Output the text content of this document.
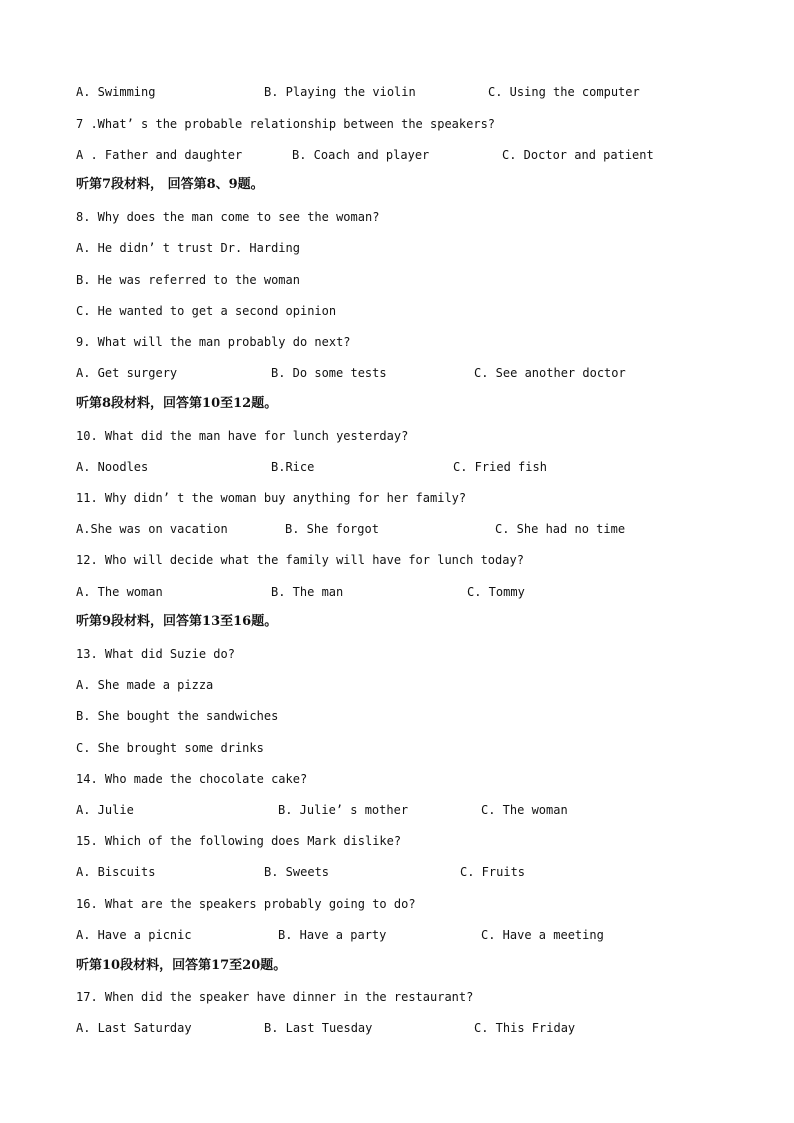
A. Swimming	B. Playing the violin	C. Using the computer
7 .What’ s the probable relationship between the speakers?
A . Father and daughter	B. Coach and player	C. Doctor and patient
听第7段材料， 回答第8、9题。
8. Why does the man come to see the woman?
A. He didn’ t trust Dr. Harding
B. He was referred to the woman
C. He wanted to get a second opinion
9. What will the man probably do next?
A. Get surgery	B. Do some tests	C. See another doctor
听第8段材料，回答第10至12题。
10. What did the man have for lunch yesterday?
A. Noodles	B.Rice	C. Fried fish
11. Why didn’ t the woman buy anything for her family?
A.She was on vacation	B. She forgot	C. She had no time
12. Who will decide what the family will have for lunch today?
A. The woman	B. The man	C. Tommy
听第9段材料，回答第13至16题。
13. What did Suzie do?
A. She made a pizza
B. She bought the sandwiches
C. She brought some drinks
14. Who made the chocolate cake?
A. Julie	B. Julie’ s mother	C. The woman
15. Which of the following does Mark dislike?
A. Biscuits	B. Sweets	C. Fruits
16. What are the speakers probably going to do?
A. Have a picnic	B. Have a party	C. Have a meeting
听第10段材料，回答第17至20题。
17. When did the speaker have dinner in the restaurant?
A. Last Saturday	B. Last Tuesday	C. This Friday
